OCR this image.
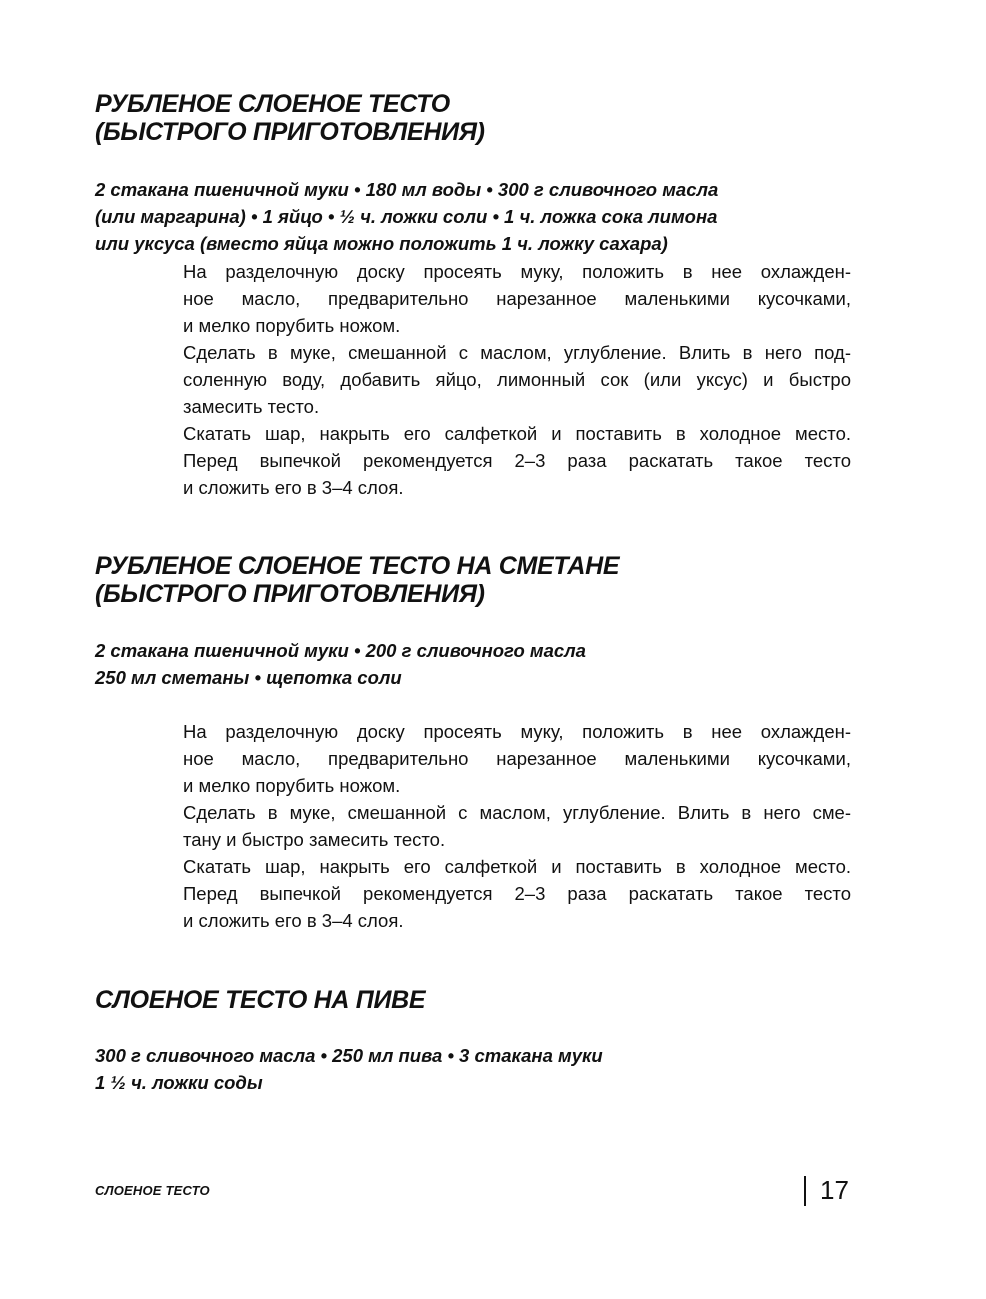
РУБЛЕНОЕ СЛОЕНОЕ ТЕСТО
(БЫСТРОГО ПРИГОТОВЛЕНИЯ)
2 стакана пшеничной муки • 180 мл воды • 300 г сливочного масла
(или маргарина) • 1 яйцо • ½ ч. ложки соли • 1 ч. ложка сока лимона
или уксуса (вместо яйца можно положить 1 ч. ложку сахара)
На разделочную доску просеять муку, положить в нее охлажден-
ное масло, предварительно нарезанное маленькими кусочками,
и мелко порубить ножом.
Сделать в муке, смешанной с маслом, углубление. Влить в него под-
соленную воду, добавить яйцо, лимонный сок (или уксус) и быстро
замесить тесто.
Скатать шар, накрыть его салфеткой и поставить в холодное место.
Перед выпечкой рекомендуется 2–3 раза раскатать такое тесто
и сложить его в 3–4 слоя.
РУБЛЕНОЕ СЛОЕНОЕ ТЕСТО НА СМЕТАНЕ
(БЫСТРОГО ПРИГОТОВЛЕНИЯ)
2 стакана пшеничной муки • 200 г сливочного масла
250 мл сметаны • щепотка соли
На разделочную доску просеять муку, положить в нее охлажден-
ное масло, предварительно нарезанное маленькими кусочками,
и мелко порубить ножом.
Сделать в муке, смешанной с маслом, углубление. Влить в него сме-
тану и быстро замесить тесто.
Скатать шар, накрыть его салфеткой и поставить в холодное место.
Перед выпечкой рекомендуется 2–3 раза раскатать такое тесто
и сложить его в 3–4 слоя.
СЛОЕНОЕ ТЕСТО НА ПИВЕ
300 г сливочного масла • 250 мл пива • 3 стакана муки
1 ½ ч. ложки соды
СЛОЕНОЕ ТЕСТО	17
